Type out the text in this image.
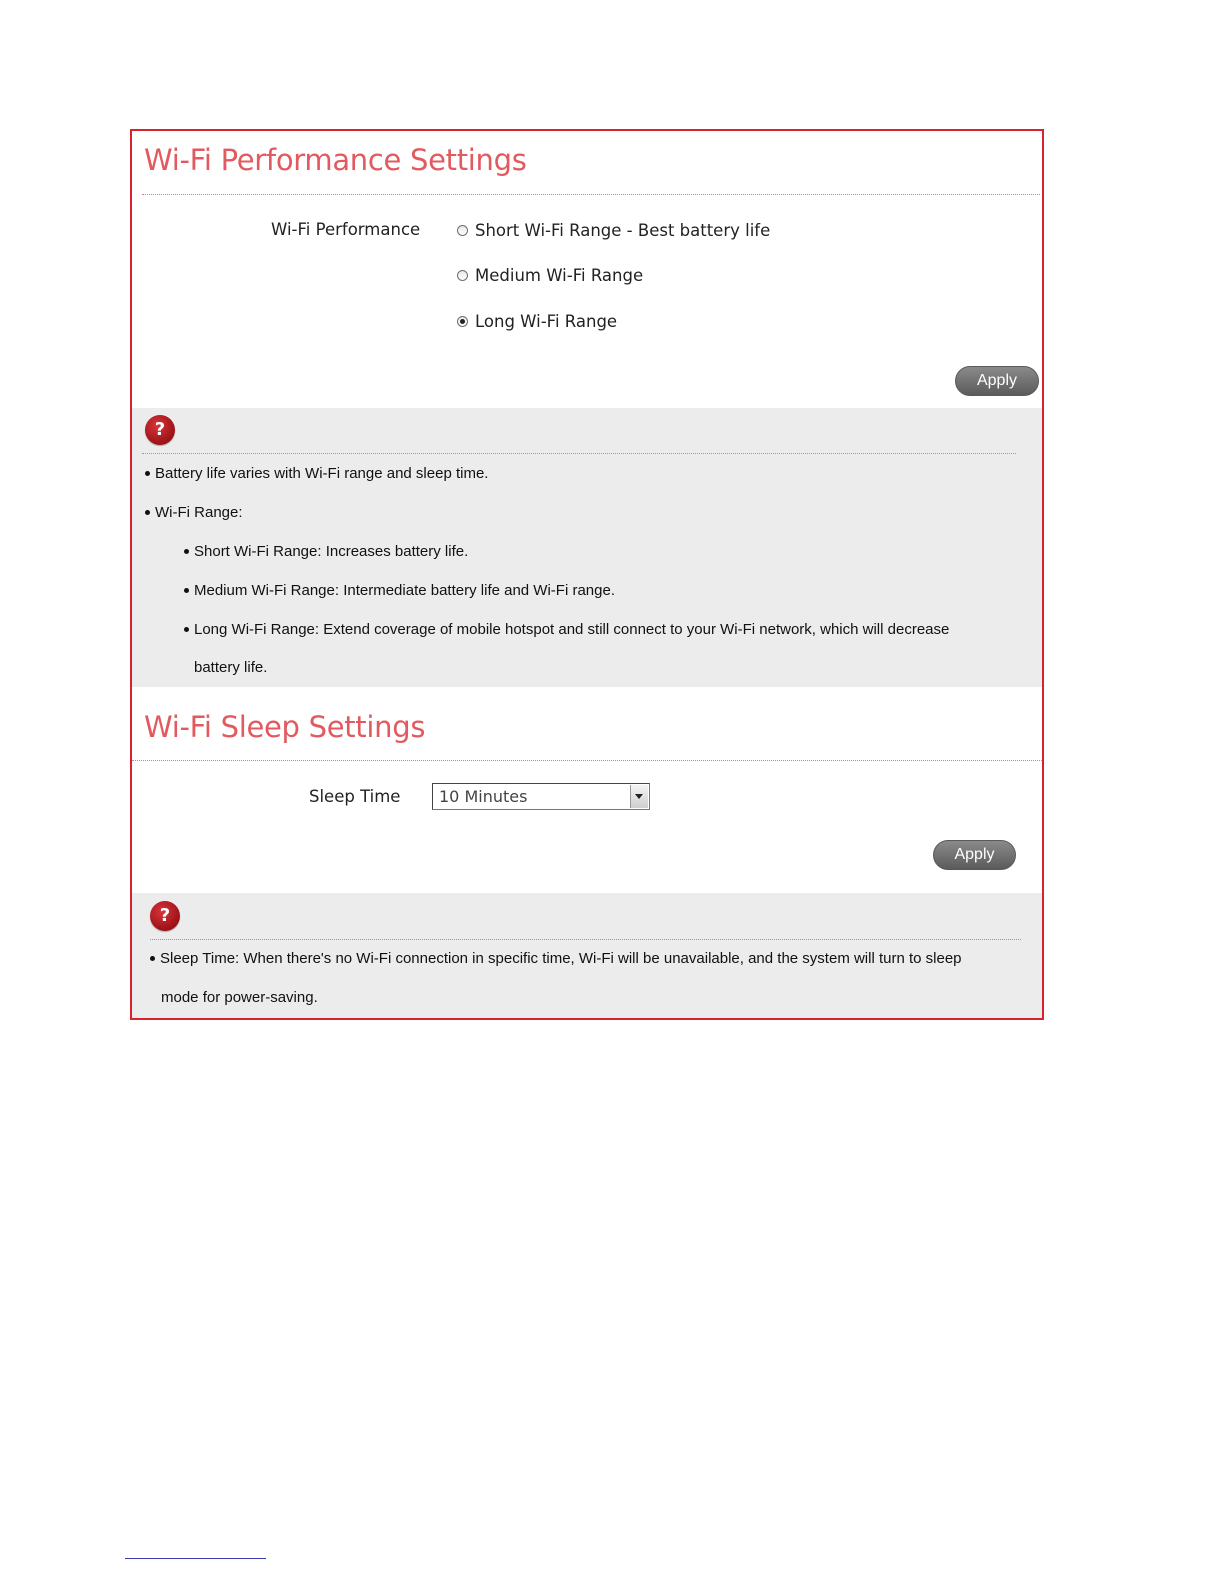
Wi-Fi Performance Settings
Wi-Fi Performance	Short Wi-Fi Range - Best battery life
Medium Wi-Fi Range
Long Wi-Fi Range
Apply
?
Battery life varies with Wi-Fi range and sleep time.
Wi-Fi Range:
Short Wi-Fi Range: Increases battery life.
Medium Wi-Fi Range: Intermediate battery life and Wi-Fi range.
Long Wi-Fi Range: Extend coverage of mobile hotspot and still connect to your Wi-Fi network, which will decrease
battery life.
Wi-Fi Sleep Settings
Sleep Time 10 Minutes
Apply
?
Sleep Time: When there's no Wi-Fi connection in specific time, Wi-Fi will be unavailable, and the system will turn to sleep
mode for power-saving.
